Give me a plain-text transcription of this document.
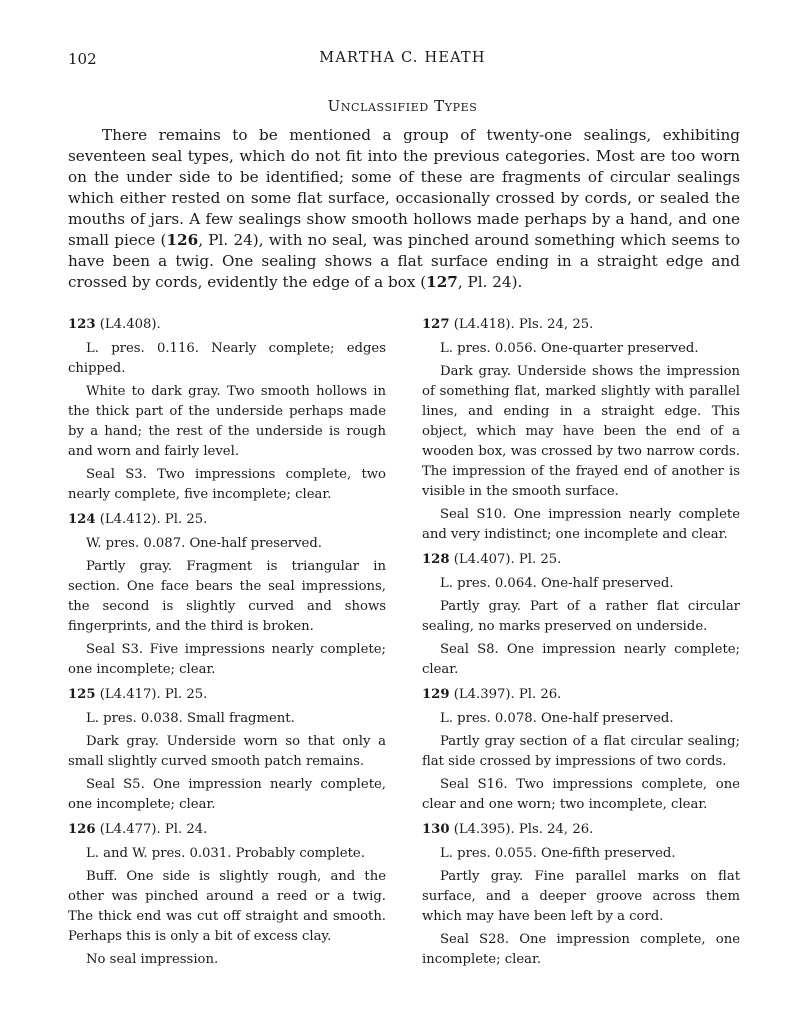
102	MARTHA C. HEATH
Unclassified Types

There remains to be mentioned a group of twenty-one sealings, exhibiting seventeen seal types, which do not fit into the previous categories. Most are too worn on the under side to be identified; some of these are fragments of circular sealings which either rested on some flat surface, occasionally crossed by cords, or sealed the mouths of jars. A few sealings show smooth hollows made perhaps by a hand, and one small piece (126, Pl. 24), with no seal, was pinched around something which seems to have been a twig. One sealing shows a flat surface ending in a straight edge and crossed by cords, evidently the edge of a box (127, Pl. 24).

123 (L4.408).

L. pres. 0.116. Nearly complete; edges chipped.

White to dark gray. Two smooth hollows in the thick part of the underside perhaps made by a hand; the rest of the underside is rough and worn and fairly level.

Seal S3. Two impressions complete, two nearly complete, five incomplete; clear.

124 (L4.412). Pl. 25.

W. pres. 0.087. One-half preserved.

Partly gray. Fragment is triangular in section. One face bears the seal impressions, the second is slightly curved and shows fingerprints, and the third is broken.

Seal S3. Five impressions nearly complete; one incomplete; clear.

125 (L4.417). Pl. 25.

L. pres. 0.038. Small fragment.

Dark gray. Underside worn so that only a small slightly curved smooth patch remains.

Seal S5. One impression nearly complete, one incomplete; clear.

126 (L4.477). Pl. 24.

L. and W. pres. 0.031. Probably complete.

Buff. One side is slightly rough, and the other was pinched around a reed or a twig. The thick end was cut off straight and smooth. Perhaps this is only a bit of excess clay.

No seal impression.

127 (L4.418). Pls. 24, 25.

L. pres. 0.056. One-quarter preserved.

Dark gray. Underside shows the impression of something flat, marked slightly with parallel lines, and ending in a straight edge. This object, which may have been the end of a wooden box, was crossed by two narrow cords. The impression of the frayed end of another is visible in the smooth surface.

Seal S10. One impression nearly complete and very indistinct; one incomplete and clear.

128 (L4.407). Pl. 25.

L. pres. 0.064. One-half preserved.

Partly gray. Part of a rather flat circular sealing, no marks preserved on underside.

Seal S8. One impression nearly complete; clear.

129 (L4.397). Pl. 26.

L. pres. 0.078. One-half preserved.

Partly gray section of a flat circular sealing; flat side crossed by impressions of two cords.

Seal S16. Two impressions complete, one clear and one worn; two incomplete, clear.

130 (L4.395). Pls. 24, 26.

L. pres. 0.055. One-fifth preserved.

Partly gray. Fine parallel marks on flat surface, and a deeper groove across them which may have been left by a cord.

Seal S28. One impression complete, one incomplete; clear.
